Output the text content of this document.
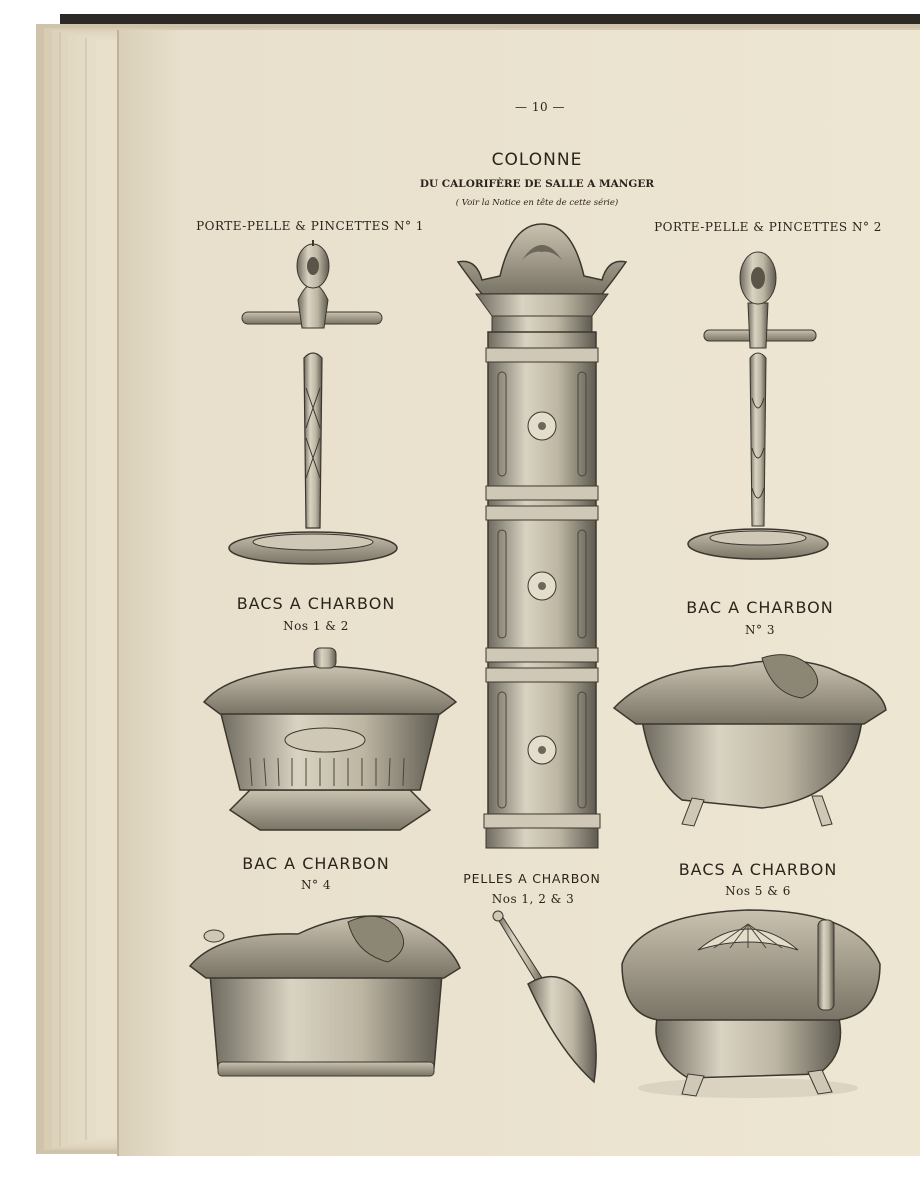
— 10 —
COLONNE
DU CALORIFÈRE DE SALLE A MANGER
( Voir la Notice en tête de cette série)
PORTE-PELLE & PINCETTES N° 1	PORTE-PELLE & PINCETTES N° 2
BACS A CHARBON
Nos 1 & 2
BAC A CHARBON
N° 3
BAC A CHARBON
N° 4	PELLES A CHARBON
Nos 1, 2 & 3
BACS A CHARBON
Nos 5 & 6
